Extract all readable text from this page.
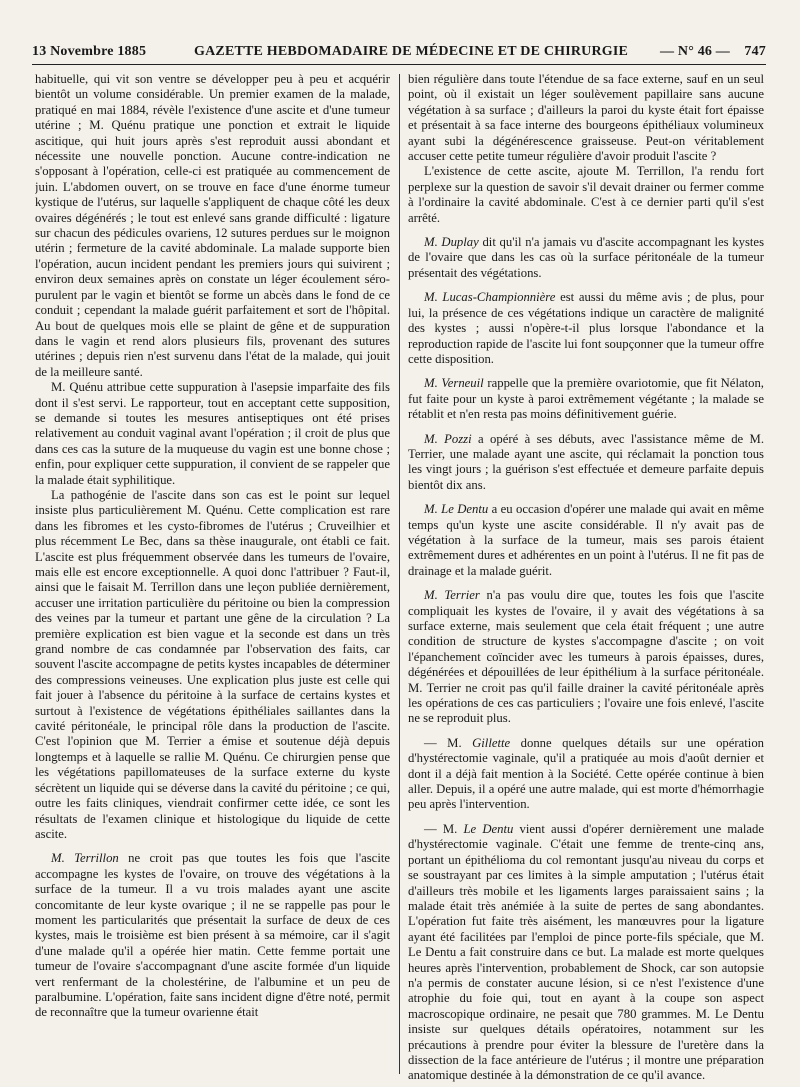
13 Novembre 1885	GAZETTE HEBDOMADAIRE DE MÉDECINE ET DE CHIRURGIE — N° 46 — 747

habituelle, qui vit son ventre se développer peu à peu et acquérir bientôt un volume considérable. Un premier examen de la malade, pratiqué en mai 1884, révèle l'existence d'une ascite et d'une tumeur utérine ; M. Quénu pratique une ponction et extrait le liquide ascitique, qui huit jours après s'est reproduit aussi abondant et nécessite une nouvelle ponction. Aucune contre-indication ne s'opposant à l'opération, celle-ci est pratiquée au commencement de juin. L'abdomen ouvert, on se trouve en face d'une énorme tumeur kystique de l'utérus, sur laquelle s'appliquent de chaque côté les deux ovaires dégénérés ; le tout est enlevé sans grande difficulté : ligature sur chacun des pédicules ovariens, 12 sutures perdues sur le moignon utérin ; fermeture de la cavité abdominale. La malade supporte bien l'opération, aucun incident pendant les premiers jours qui suivirent ; environ deux semaines après on constate un léger écoulement séro-purulent par le vagin et bientôt se forme un abcès dans le fond de ce conduit ; cependant la malade guérit parfaitement et sort de l'hôpital. Au bout de quelques mois elle se plaint de gêne et de suppuration dans le vagin et rend alors plusieurs fils, provenant des sutures utérines ; depuis rien n'est survenu dans l'état de la malade, qui jouit de la meilleure santé.

M. Quénu attribue cette suppuration à l'asepsie imparfaite des fils dont il s'est servi. Le rapporteur, tout en acceptant cette supposition, se demande si toutes les mesures antiseptiques ont été prises relativement au conduit vaginal avant l'opération ; il croit de plus que dans ces cas la suture de la muqueuse du vagin est une bonne chose ; enfin, pour expliquer cette suppuration, il convient de se rappeler que la malade était syphilitique.

La pathogénie de l'ascite dans son cas est le point sur lequel insiste plus particulièrement M. Quénu. Cette complication est rare dans les fibromes et les cysto-fibromes de l'utérus ; Cruveilhier et plus récemment Le Bec, dans sa thèse inaugurale, ont établi ce fait. L'ascite est plus fréquemment observée dans les tumeurs de l'ovaire, mais elle est encore exceptionnelle. A quoi donc l'attribuer ? Faut-il, ainsi que le faisait M. Terrillon dans une leçon publiée dernièrement, accuser une irritation particulière du péritoine ou bien la compression des veines par la tumeur et partant une gêne de la circulation ? La première explication est bien vague et la seconde est dans un très grand nombre de cas condamnée par l'observation des faits, car souvent l'ascite accompagne de petits kystes incapables de déterminer des compressions veineuses. Une explication plus juste est celle qui fait jouer à l'absence du péritoine à la surface de certains kystes et surtout à l'existence de végétations épithéliales saillantes dans la cavité péritonéale, le principal rôle dans la production de l'ascite. C'est l'opinion que M. Terrier a émise et soutenue déjà depuis longtemps et à laquelle se rallie M. Quénu. Ce chirurgien pense que les végétations papillomateuses de la surface externe du kyste sécrètent un liquide qui se déverse dans la cavité du péritoine ; ce qui, outre les faits cliniques, viendrait confirmer cette idée, ce sont les résultats de l'examen clinique et histologique du liquide de cette ascite.

M. Terrillon ne croit pas que toutes les fois que l'ascite accompagne les kystes de l'ovaire, on trouve des végétations à la surface de la tumeur. Il a vu trois malades ayant une ascite concomitante de leur kyste ovarique ; il ne se rappelle pas pour le moment les particularités que présentait la surface de deux de ces kystes, mais le troisième est bien présent à sa mémoire, car il s'agit d'une malade qu'il a opérée hier matin. Cette femme portait une tumeur de l'ovaire s'accompagnant d'une ascite formée d'un liquide vert renfermant de la cholestérine, de l'albumine et un peu de paralbumine. L'opération, faite sans incident digne d'être noté, permit de reconnaître que la tumeur ovarienne était

bien régulière dans toute l'étendue de sa face externe, sauf en un seul point, où il existait un léger soulèvement papillaire sans aucune végétation à sa surface ; d'ailleurs la paroi du kyste était fort épaisse et présentait à sa face interne des bourgeons épithéliaux volumineux ayant subi la dégénérescence graisseuse. Peut-on véritablement accuser cette petite tumeur régulière d'avoir produit l'ascite ?

L'existence de cette ascite, ajoute M. Terrillon, l'a rendu fort perplexe sur la question de savoir s'il devait drainer ou fermer comme à l'ordinaire la cavité abdominale. C'est à ce dernier parti qu'il s'est arrêté.

M. Duplay dit qu'il n'a jamais vu d'ascite accompagnant les kystes de l'ovaire que dans les cas où la surface péritonéale de la tumeur présentait des végétations.

M. Lucas-Championnière est aussi du même avis ; de plus, pour lui, la présence de ces végétations indique un caractère de malignité des kystes ; aussi n'opère-t-il plus lorsque l'abondance et la reproduction rapide de l'ascite lui font soupçonner que la tumeur offre cette disposition.

M. Verneuil rappelle que la première ovariotomie, que fit Nélaton, fut faite pour un kyste à paroi extrêmement végétante ; la malade se rétablit et n'en resta pas moins définitivement guérie.

M. Pozzi a opéré à ses débuts, avec l'assistance même de M. Terrier, une malade ayant une ascite, qui réclamait la ponction tous les vingt jours ; la guérison s'est effectuée et demeure parfaite depuis bientôt dix ans.

M. Le Dentu a eu occasion d'opérer une malade qui avait en même temps qu'un kyste une ascite considérable. Il n'y avait pas de végétation à la surface de la tumeur, mais ses parois étaient extrêmement dures et adhérentes en un point à l'utérus. Il ne fit pas de drainage et la malade guérit.

M. Terrier n'a pas voulu dire que, toutes les fois que l'ascite compliquait les kystes de l'ovaire, il y avait des végétations à sa surface externe, mais seulement que cela était fréquent ; une autre condition de structure de kystes s'accompagne d'ascite ; on voit l'épanchement coïncider avec les tumeurs à parois épaisses, dures, dégénérées et dépouillées de leur épithélium à la surface péritonéale. M. Terrier ne croit pas qu'il faille drainer la cavité péritonéale après les opérations de ces cas particuliers ; l'ovaire une fois enlevé, l'ascite ne se reproduit plus.

— M. Gillette donne quelques détails sur une opération d'hystérectomie vaginale, qu'il a pratiquée au mois d'août dernier et dont il a déjà fait mention à la Société. Cette opérée continue à bien aller. Depuis, il a opéré une autre malade, qui est morte d'hémorrhagie peu après l'intervention.

— M. Le Dentu vient aussi d'opérer dernièrement une malade d'hystérectomie vaginale. C'était une femme de trente-cinq ans, portant un épithélioma du col remontant jusqu'au niveau du corps et se soustrayant par ces limites à la simple amputation ; l'utérus était d'ailleurs très mobile et les ligaments larges paraissaient sains ; la malade était très anémiée à la suite de pertes de sang abondantes. L'opération fut faite très aisément, les manœuvres pour la ligature ayant été facilitées par l'emploi de pince porte-fils spéciale, que M. Le Dentu a fait construire dans ce but. La malade est morte quelques heures après l'intervention, probablement de Shock, car son autopsie n'a permis de constater aucune lésion, si ce n'est l'existence d'une atrophie du foie qui, tout en ayant à la coupe son aspect macroscopique ordinaire, ne pesait que 780 grammes. M. Le Dentu insiste sur quelques détails opératoires, notamment sur les précautions à prendre pour éviter la blessure de l'uretère dans la dissection de la face antérieure de l'utérus ; il montre une préparation anatomique destinée à la démonstration de ce qu'il avance.
